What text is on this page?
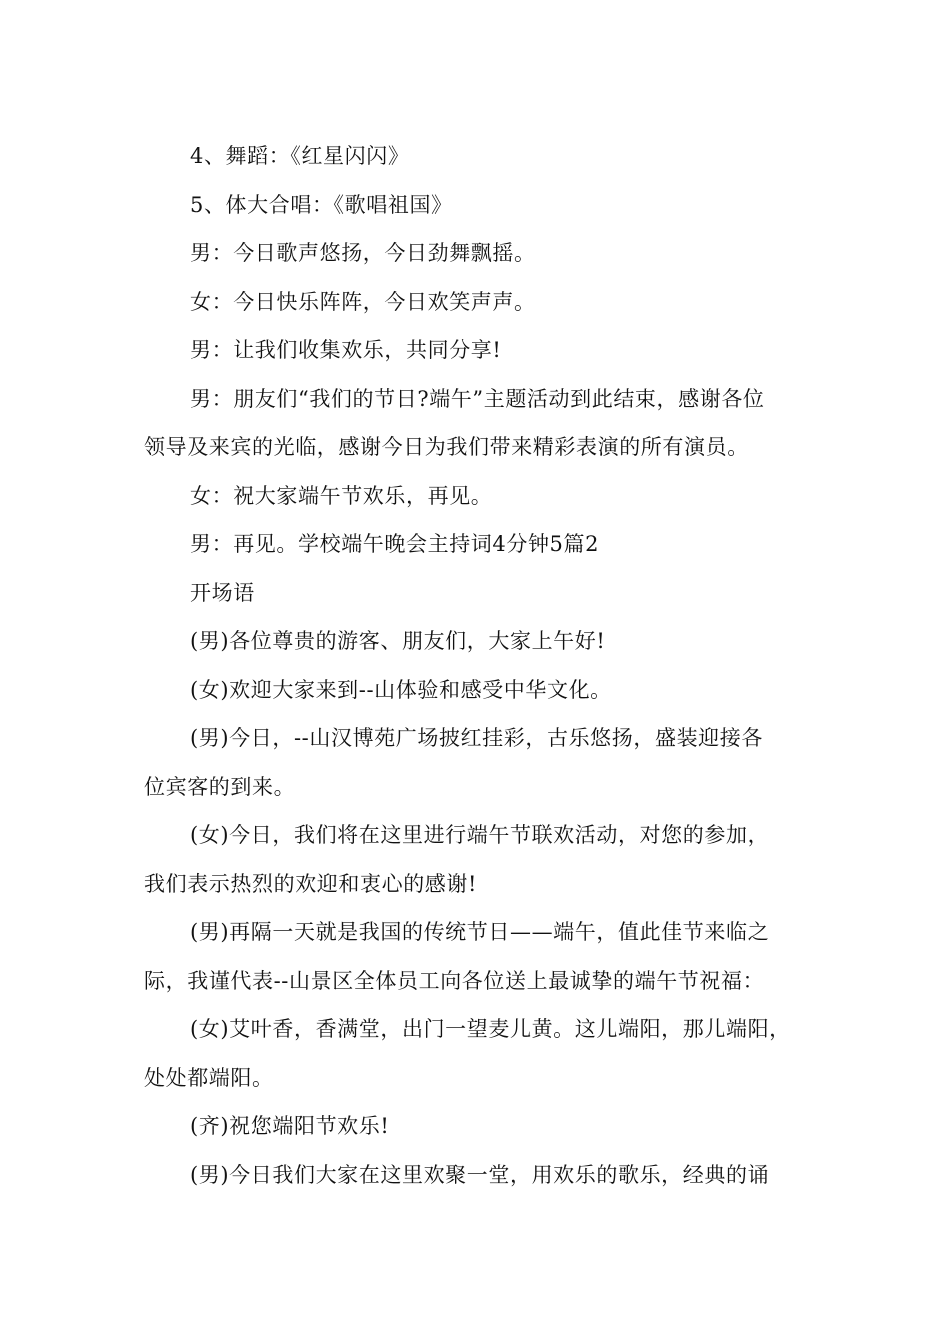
4、舞蹈：《红星闪闪》

5、体大合唱：《歌唱祖国》

男：今日歌声悠扬，今日劲舞飘摇。

女：今日快乐阵阵，今日欢笑声声。

男：让我们收集欢乐，共同分享!

男：朋友们“我们的节日?端午”主题活动到此结束，感谢各位
领导及来宾的光临，感谢今日为我们带来精彩表演的所有演员。

女：祝大家端午节欢乐，再见。

男：再见。学校端午晚会主持词4分钟5篇2

开场语

(男)各位尊贵的游客、朋友们，大家上午好!

(女)欢迎大家来到--山体验和感受中华文化。

(男)今日，--山汉博苑广场披红挂彩，古乐悠扬，盛装迎接各
位宾客的到来。

(女)今日，我们将在这里进行端午节联欢活动，对您的参加，
我们表示热烈的欢迎和衷心的感谢!

(男)再隔一天就是我国的传统节日——端午，值此佳节来临之
际，我谨代表--山景区全体员工向各位送上最诚挚的端午节祝福：

(女)艾叶香，香满堂，出门一望麦儿黄。这儿端阳，那儿端阳，
处处都端阳。

(齐)祝您端阳节欢乐!

(男)今日我们大家在这里欢聚一堂，用欢乐的歌乐，经典的诵
